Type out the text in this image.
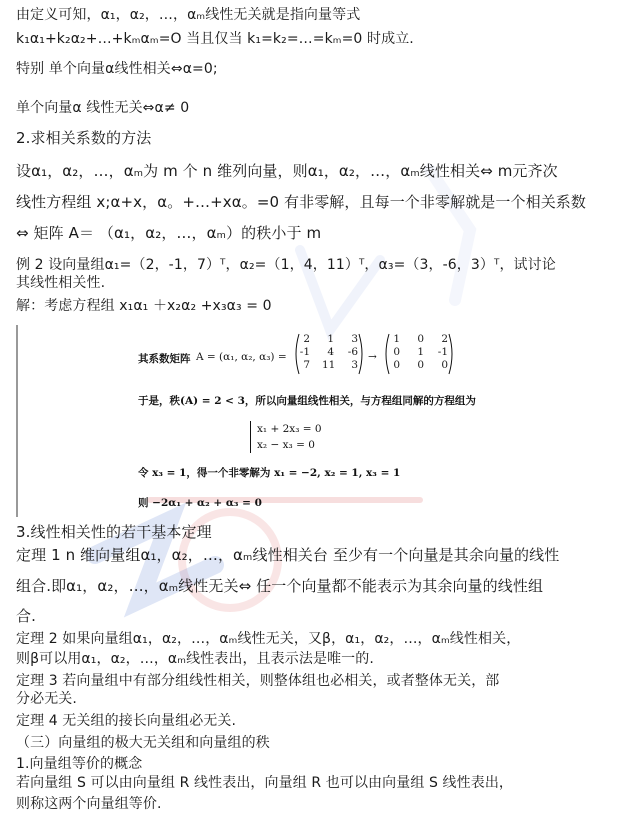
由定义可知，α₁，α₂，…，αₘ线性无关就是指向量等式
k₁α₁+k₂α₂+…+kₘαₘ=O 当且仅当 k₁=k₂=…=kₘ=0 时成立.
特别 单个向量α线性相关⇔α=0;
单个向量α 线性无关⇔α≠ 0
2.求相关系数的方法
设α₁，α₂，…，αₘ为 m 个 n 维列向量，则α₁，α₂，…，αₘ线性相关⇔ m元齐次
线性方程组 x;α+x，α。+…+xα。=0 有非零解，且每一个非零解就是一个相关系数
⇔ 矩阵 A＝ （α₁，α₂，…，αₘ）的秩小于 m
例 2 设向量组α₁=（2，-1，7）ᵀ，α₂=（1，4，11）ᵀ，α₃=（3，-6，3）ᵀ，试讨论
其线性相关性.
解：考虑方程组 x₁α₁ ＋x₂α₂ +x₃α₃ = 0
其系数矩阵 A = (α₁, α₂, α₃) =
2	1	3
-1	4 -6
7 11	3
→
1	0	2
0	1 -1
0	0	0
于是，秩(A) = 2 < 3，所以向量组线性相关，与方程组同解的方程组为
x₁ + 2x₃ = 0
x₂ − x₃ = 0
令 x₃ = 1，得一个非零解为 x₁ = −2, x₂ = 1, x₃ = 1
则 −2α₁ + α₂ + α₃ = 0
3.线性相关性的若干基本定理
定理 1 n 维向量组α₁，α₂，…，αₘ线性相关台 至少有一个向量是其余向量的线性
组合.即α₁，α₂，…，αₘ线性无关⇔ 任一个向量都不能表示为其余向量的线性组
合.
定理 2 如果向量组α₁，α₂，…，αₘ线性无关，又β，α₁，α₂，…，αₘ线性相关，
则β可以用α₁，α₂，…，αₘ线性表出，且表示法是唯一的.
定理 3 若向量组中有部分组线性相关，则整体组也必相关，或者整体无关，部
分必无关.
定理 4 无关组的接长向量组必无关.
（三）向量组的极大无关组和向量组的秩
1.向量组等价的概念
若向量组 S 可以由向量组 R 线性表出，向量组 R 也可以由向量组 S 线性表出，
则称这两个向量组等价.
